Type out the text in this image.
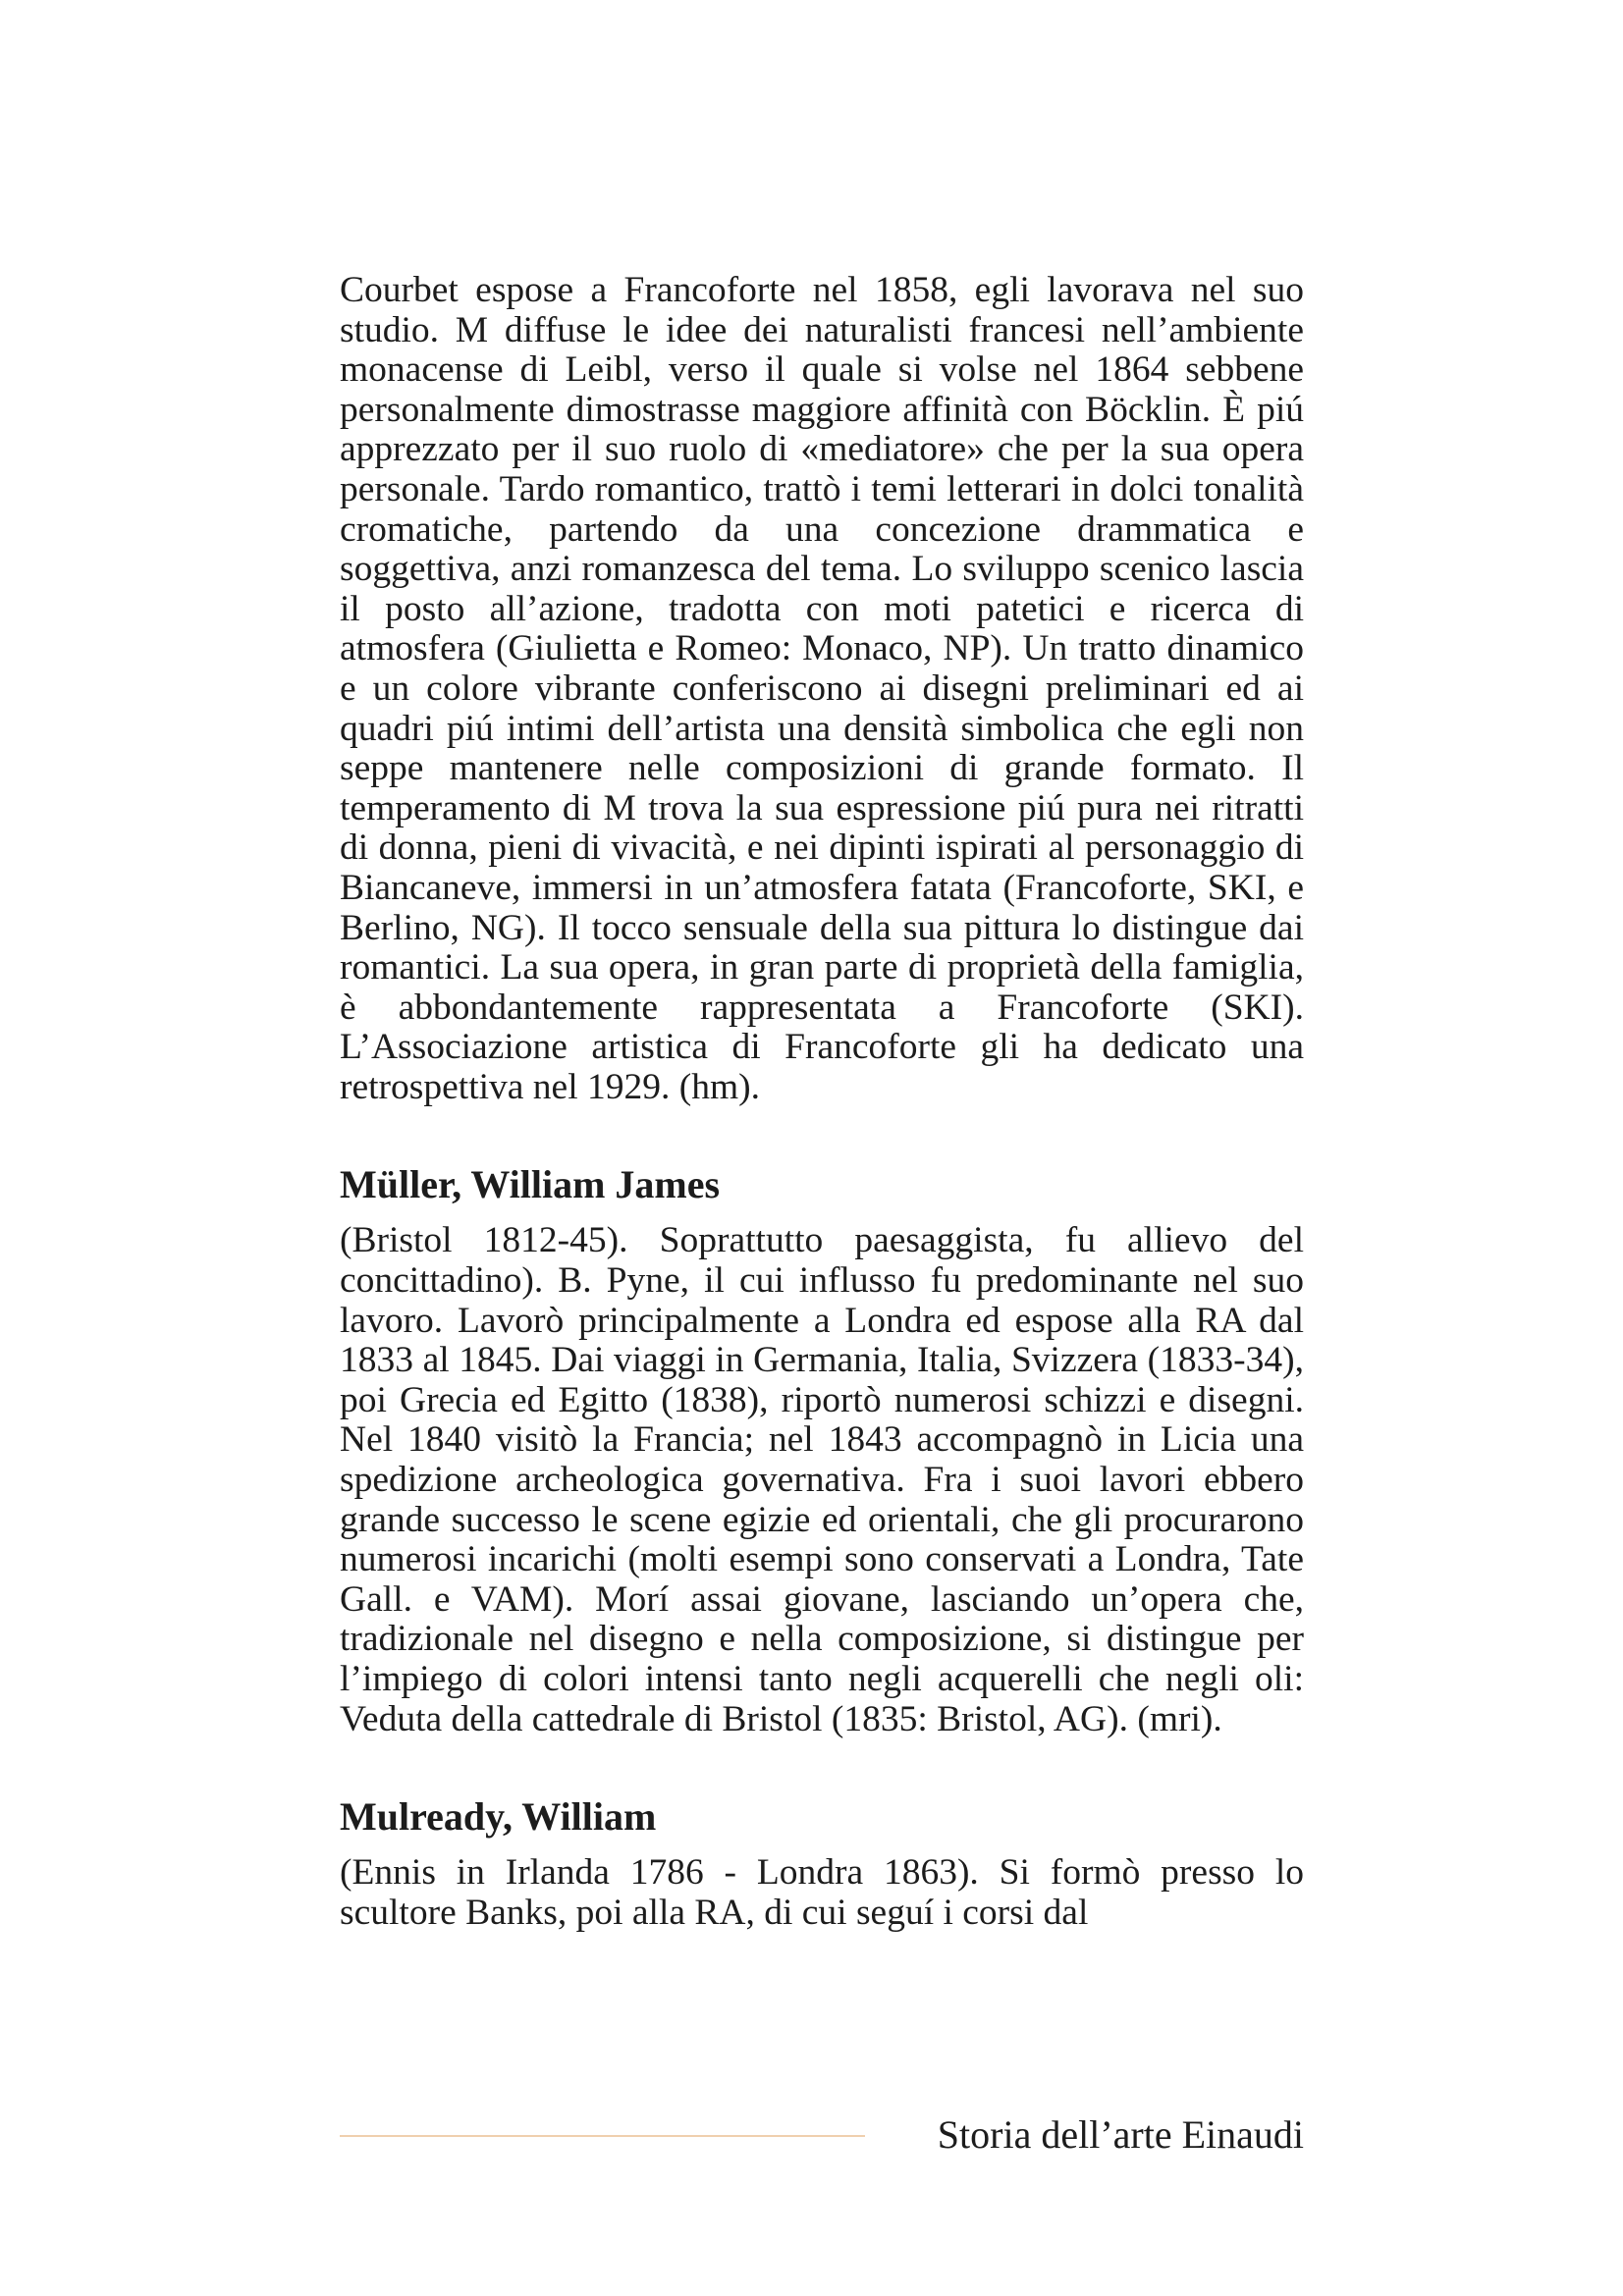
Courbet espose a Francoforte nel 1858, egli lavorava nel suo studio. M diffuse le idee dei naturalisti francesi nell’ambiente monacense di Leibl, verso il quale si volse nel 1864 sebbene personalmente dimostrasse maggiore affinità con Böcklin. È piú apprezzato per il suo ruolo di «mediatore» che per la sua opera personale. Tardo romantico, trattò i temi letterari in dolci tonalità cromatiche, partendo da una concezione drammatica e soggettiva, anzi romanzesca del tema. Lo sviluppo scenico lascia il posto all’azione, tradotta con moti patetici e ricerca di atmosfera (Giulietta e Romeo: Monaco, NP). Un tratto dinamico e un colore vibrante conferiscono ai disegni preliminari ed ai quadri piú intimi dell’artista una densità simbolica che egli non seppe mantenere nelle composizioni di grande formato. Il temperamento di M trova la sua espressione piú pura nei ritratti di donna, pieni di vivacità, e nei dipinti ispirati al personaggio di Biancaneve, immersi in un’atmosfera fatata (Francoforte, SKI, e Berlino, NG). Il tocco sensuale della sua pittura lo distingue dai romantici. La sua opera, in gran parte di proprietà della famiglia, è abbondantemente rappresentata a Francoforte (SKI). L’Associazione artistica di Francoforte gli ha dedicato una retrospettiva nel 1929. (hm).

Müller, William James

(Bristol 1812-45). Soprattutto paesaggista, fu allievo del concittadino). B. Pyne, il cui influsso fu predominante nel suo lavoro. Lavorò principalmente a Londra ed espose alla RA dal 1833 al 1845. Dai viaggi in Germania, Italia, Svizzera (1833-34), poi Grecia ed Egitto (1838), riportò numerosi schizzi e disegni. Nel 1840 visitò la Francia; nel 1843 accompagnò in Licia una spedizione archeologica governativa. Fra i suoi lavori ebbero grande successo le scene egizie ed orientali, che gli procurarono numerosi incarichi (molti esempi sono conservati a Londra, Tate Gall. e VAM). Morí assai giovane, lasciando un’opera che, tradizionale nel disegno e nella composizione, si distingue per l’impiego di colori intensi tanto negli acquerelli che negli oli: Veduta della cattedrale di Bristol (1835: Bristol, AG). (mri).

Mulready, William

(Ennis in Irlanda 1786 - Londra 1863). Si formò presso lo scultore Banks, poi alla RA, di cui seguí i corsi dal

Storia dell’arte Einaudi
